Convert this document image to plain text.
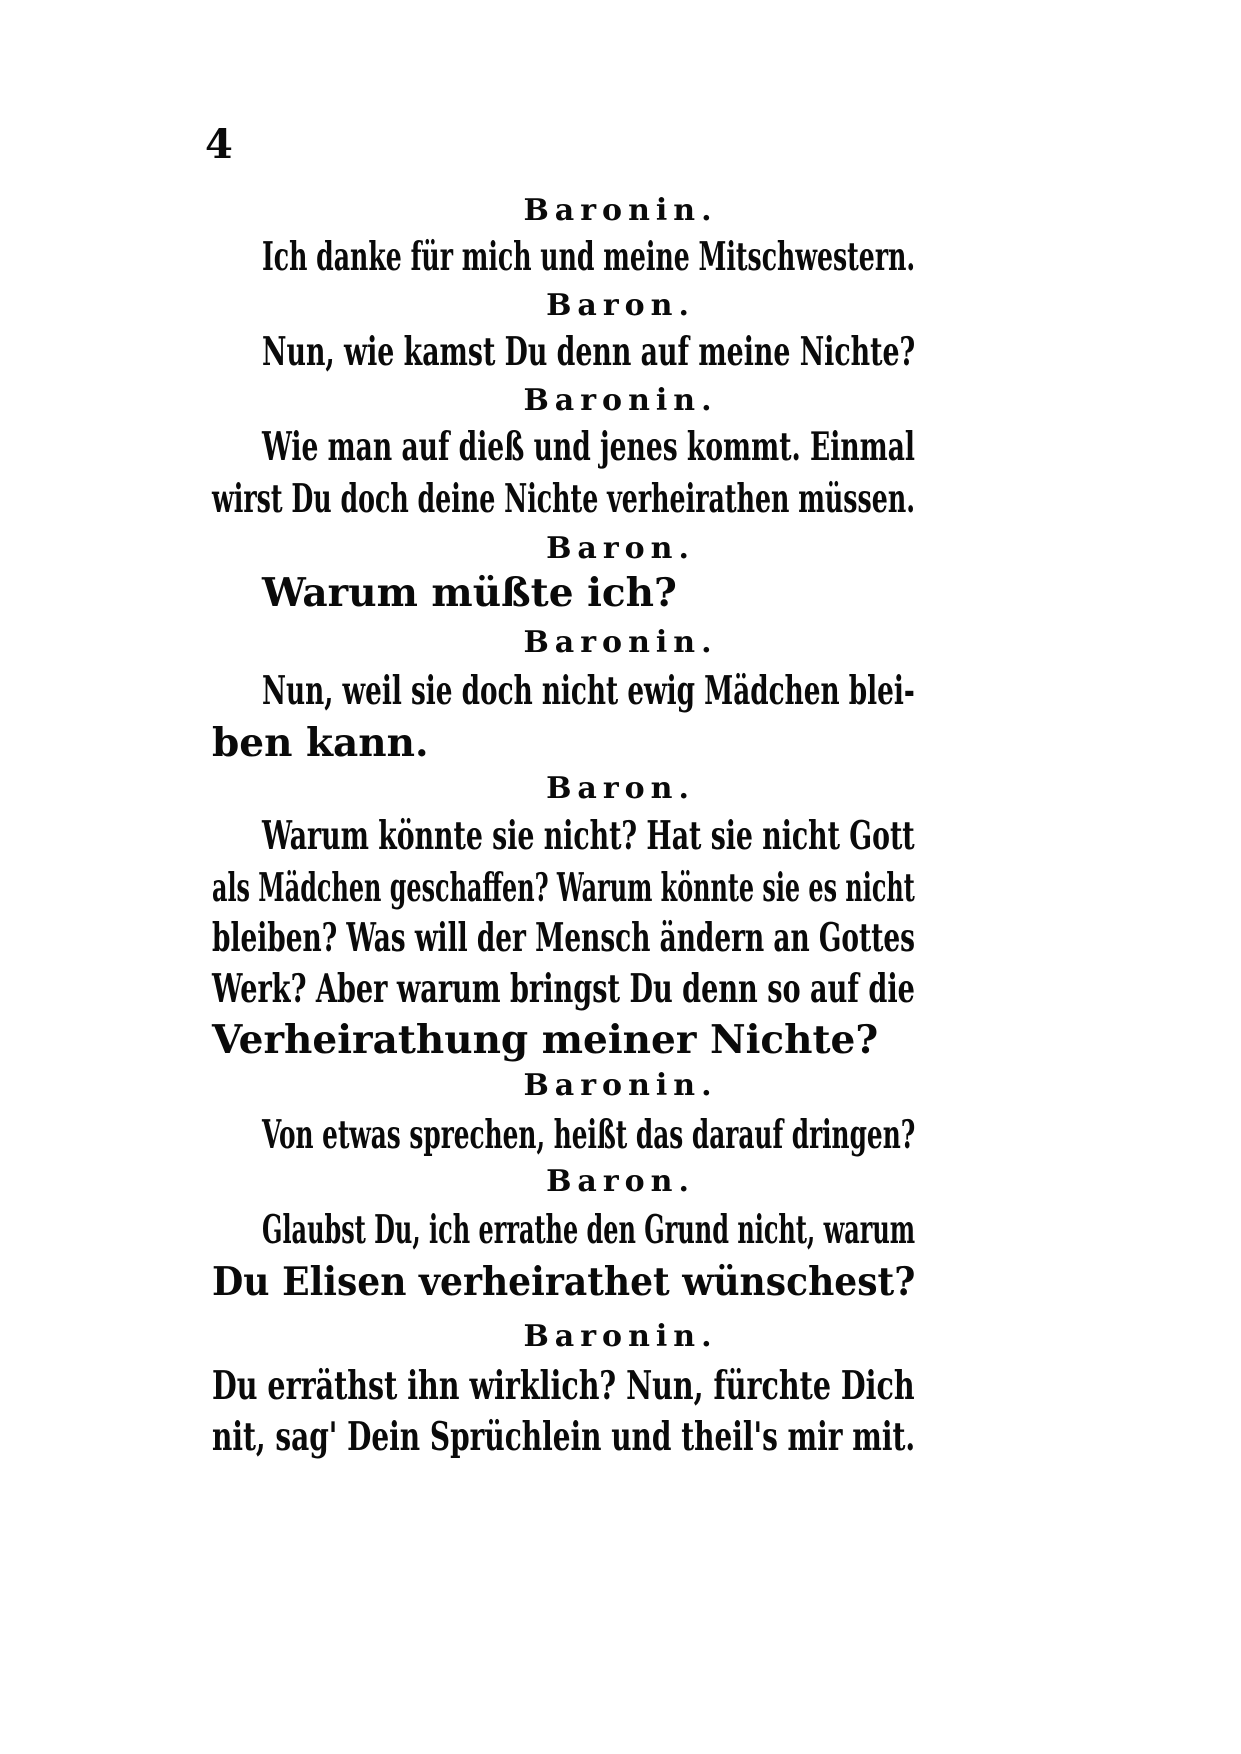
4
Baronin.
Ich danke für mich und meine Mitschwestern.
Baron.
Nun, wie kamst Du denn auf meine Nichte?
Baronin.
Wie man auf dieß und jenes kommt. Einmal
wirst Du doch deine Nichte verheirathen müssen.
Baron.
Warum müßte ich?
Baronin.
Nun, weil sie doch nicht ewig Mädchen blei-
ben kann.
Baron.
Warum könnte sie nicht? Hat sie nicht Gott
als Mädchen geschaffen? Warum könnte sie es nicht
bleiben? Was will der Mensch ändern an Gottes
Werk? Aber warum bringst Du denn so auf die
Verheirathung meiner Nichte?
Baronin.
Von etwas sprechen, heißt das darauf dringen?
Baron.
Glaubst Du, ich errathe den Grund nicht, warum
Du Elisen verheirathet wünschest?
Baronin.
Du erräthst ihn wirklich? Nun, fürchte Dich
nit, sag' Dein Sprüchlein und theil's mir mit.
